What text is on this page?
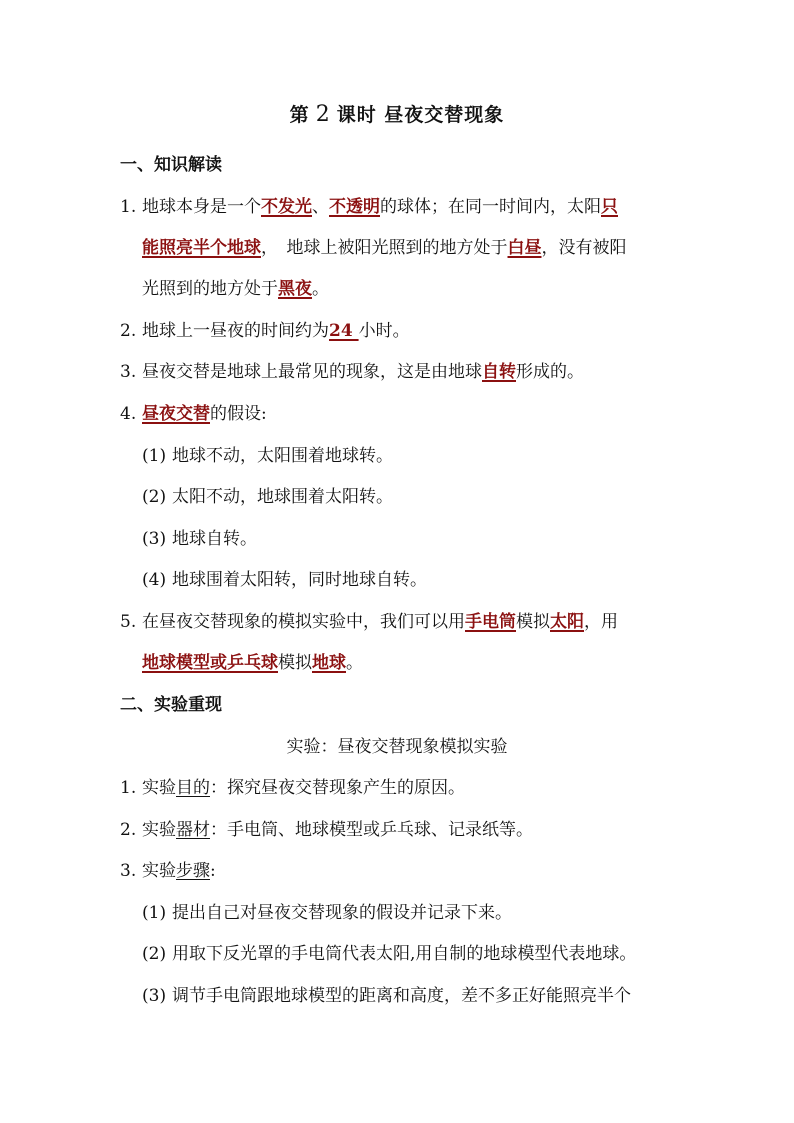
第 2 课时 昼夜交替现象
一、知识解读
1. 地球本身是一个不发光、不透明的球体；在同一时间内，太阳只
能照亮半个地球，　地球上被阳光照到的地方处于白昼，没有被阳
光照到的地方处于黑夜。
2. 地球上一昼夜的时间约为24 小时。
3. 昼夜交替是地球上最常见的现象，这是由地球自转形成的。
4. 昼夜交替的假设:
(1) 地球不动，太阳围着地球转。
(2) 太阳不动，地球围着太阳转。
(3) 地球自转。
(4) 地球围着太阳转，同时地球自转。
5. 在昼夜交替现象的模拟实验中，我们可以用手电筒模拟太阳，用
地球模型或乒乓球模拟地球。
二、实验重现
实验：昼夜交替现象模拟实验
1. 实验目的：探究昼夜交替现象产生的原因。
2. 实验器材：手电筒、地球模型或乒乓球、记录纸等。
3. 实验步骤:
(1) 提出自己对昼夜交替现象的假设并记录下来。
(2) 用取下反光罩的手电筒代表太阳,用自制的地球模型代表地球。
(3) 调节手电筒跟地球模型的距离和高度，差不多正好能照亮半个
